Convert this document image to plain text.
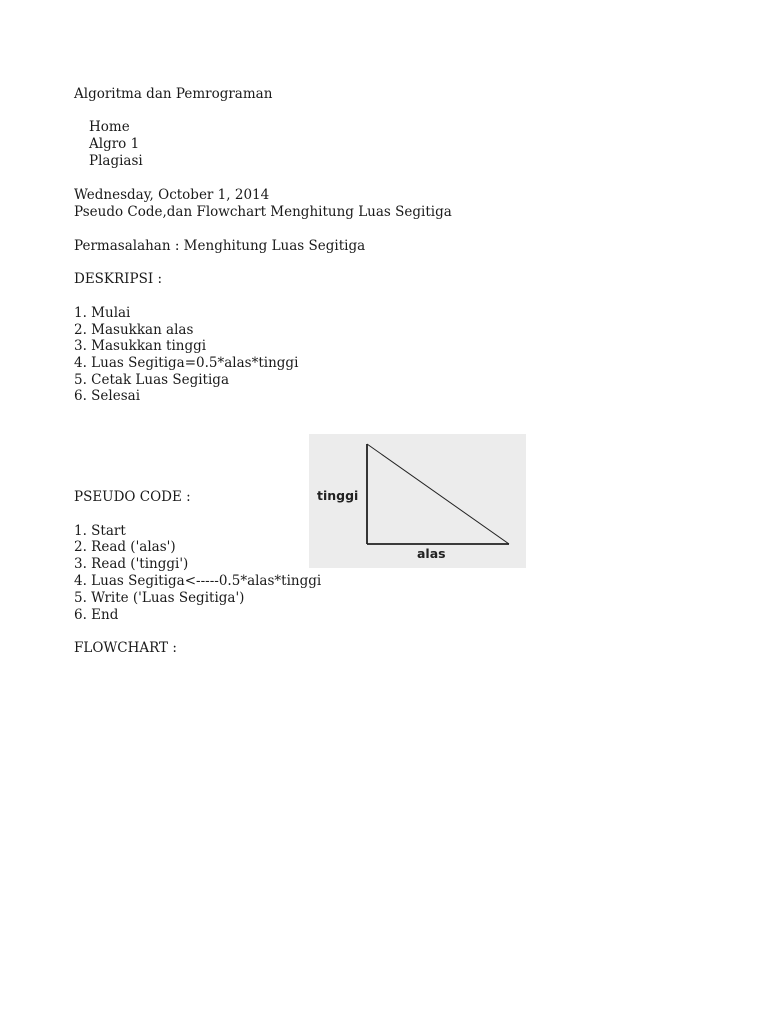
Algoritma dan Pemrograman

Home

Algro 1

Plagiasi

Wednesday, October 1, 2014

Pseudo Code,dan Flowchart Menghitung Luas Segitiga

Permasalahan : Menghitung Luas Segitiga

DESKRIPSI :

1. Mulai

2. Masukkan alas

3. Masukkan tinggi

4. Luas Segitiga=0.5*alas*tinggi

5. Cetak Luas Segitiga

6. Selesai

tinggi
alas

PSEUDO CODE :

1. Start

2. Read ('alas')

3. Read ('tinggi')

4. Luas Segitiga<-----0.5*alas*tinggi

5. Write ('Luas Segitiga')

6. End

FLOWCHART :
